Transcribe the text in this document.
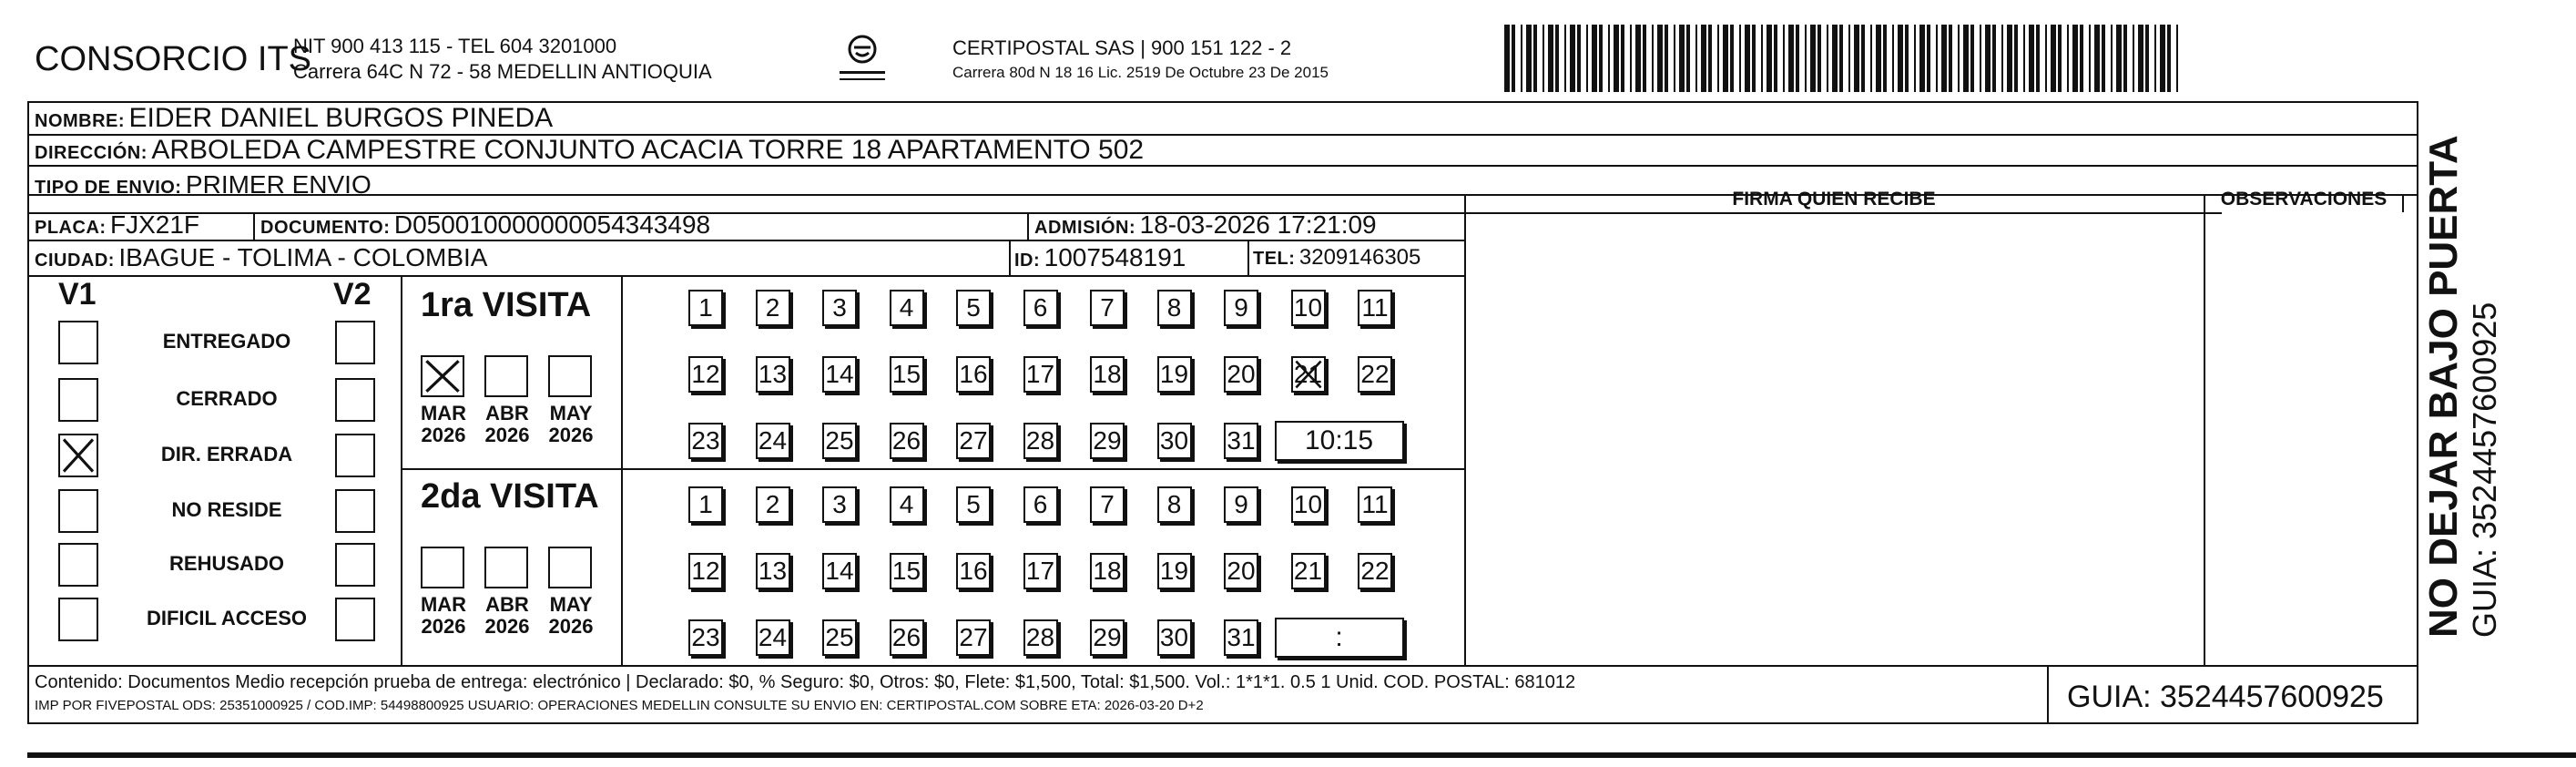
CONSORCIO ITS
NIT 900 413 115 - TEL 604 3201000
Carrera 64C N 72 - 58 MEDELLIN ANTIOQUIA
CERTIPOSTAL SAS | 900 151 122 - 2
Carrera 80d N 18 16 Lic. 2519 De Octubre 23 De 2015
NOMBRE: EIDER DANIEL BURGOS PINEDA
DIRECCIÓN: ARBOLEDA CAMPESTRE CONJUNTO ACACIA TORRE 18 APARTAMENTO 502
TIPO DE ENVIO: PRIMER ENVIO
FIRMA QUIEN RECIBE	OBSERVACIONES
PLACA: FJX21F	DOCUMENTO: D050010000000054343498	ADMISIÓN: 18-03-2026 17:21:09
CIUDAD: IBAGUE - TOLIMA - COLOMBIA	ID: 1007548191	TEL: 3209146305
V1	V2
ENTREGADO
CERRADO
DIR. ERRADA
NO RESIDE
REHUSADO
DIFICIL ACCESO
1ra VISITA
MAR
2026
ABR
2026
MAY
2026
1	2	3	4	5	6	7	8	9	10 11
12 13 14 15 16 17 18 19 20 21 22
23 24 25 26 27 28 29 30 31	10:15
2da VISITA
MAR
2026
ABR
2026
MAY
2026
1	2	3	4	5	6	7	8	9	10 11
12 13 14 15 16 17 18 19 20 21 22
23 24 25 26 27 28 29 30 31	:
Contenido: Documentos Medio recepción prueba de entrega: electrónico | Declarado: $0, % Seguro: $0, Otros: $0, Flete: $1,500, Total: $1,500. Vol.: 1*1*1. 0.5 1 Unid. COD. POSTAL: 681012
IMP POR FIVEPOSTAL ODS: 25351000925 / COD.IMP: 54498800925 USUARIO: OPERACIONES MEDELLIN CONSULTE SU ENVIO EN: CERTIPOSTAL.COM SOBRE ETA: 2026-03-20 D+2	GUIA: 3524457600925
NO DEJAR BAJO PUERTA GUIA: 3524457600925
